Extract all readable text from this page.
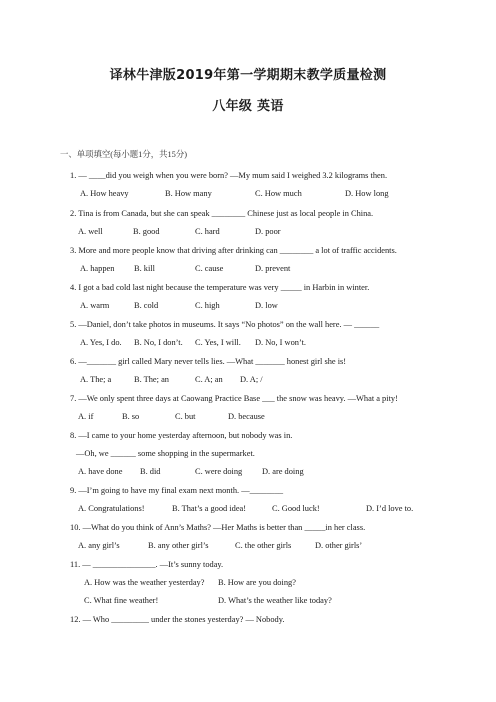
译林牛津版2019年第一学期期末教学质量检测
八年级 英语
一、单项填空(每小题1分，共15分)
1. — ____did you weigh when you were born? —My mum said I weighed 3.2 kilograms then.
A. How heavy	B. How many	C. How much	D. How long
2. Tina is from Canada, but she can speak ________ Chinese just as local people in China.
A. well	B. good	C. hard	D. poor
3. More and more people know that driving after drinking can ________ a lot of traffic accidents.
A. happen B. kill	C. cause	D. prevent
4. I got a bad cold last night because the temperature was very _____ in Harbin in winter.
A. warm	B. cold	C. high	D. low
5. —Daniel, don’t take photos in museums. It says “No photos” on the wall here. — ______
A. Yes, I do. B. No, I don’t. C. Yes, I will. D. No, I won’t.
6. —_______ girl called Mary never tells lies. —What _______ honest girl she is!
A. The; a	B. The; an	C. A; an D. A; /
7. —We only spent three days at Caowang Practice Base ___ the snow was heavy. —What a pity!
A. if	B. so	C. but	D. because
8. —I came to your home yesterday afternoon, but nobody was in.
—Oh, we ______ some shopping in the supermarket.
A. have done B. did	C. were doing D. are doing
9. —I’m going to have my final exam next month. —________
A. Congratulations!	B. That’s a good idea!	C. Good luck!	D. I’d love to.
10. —What do you think of Ann’s Maths? —Her Maths is better than _____in her class.
A. any girl’s	B. any other girl’s	C. the other girls	D. other girls’
11. — _______________. —It’s sunny today.
A. How was the weather yesterday? B. How are you doing?
C. What fine weather!	D. What’s the weather like today?
12. — Who _________ under the stones yesterday? — Nobody.
